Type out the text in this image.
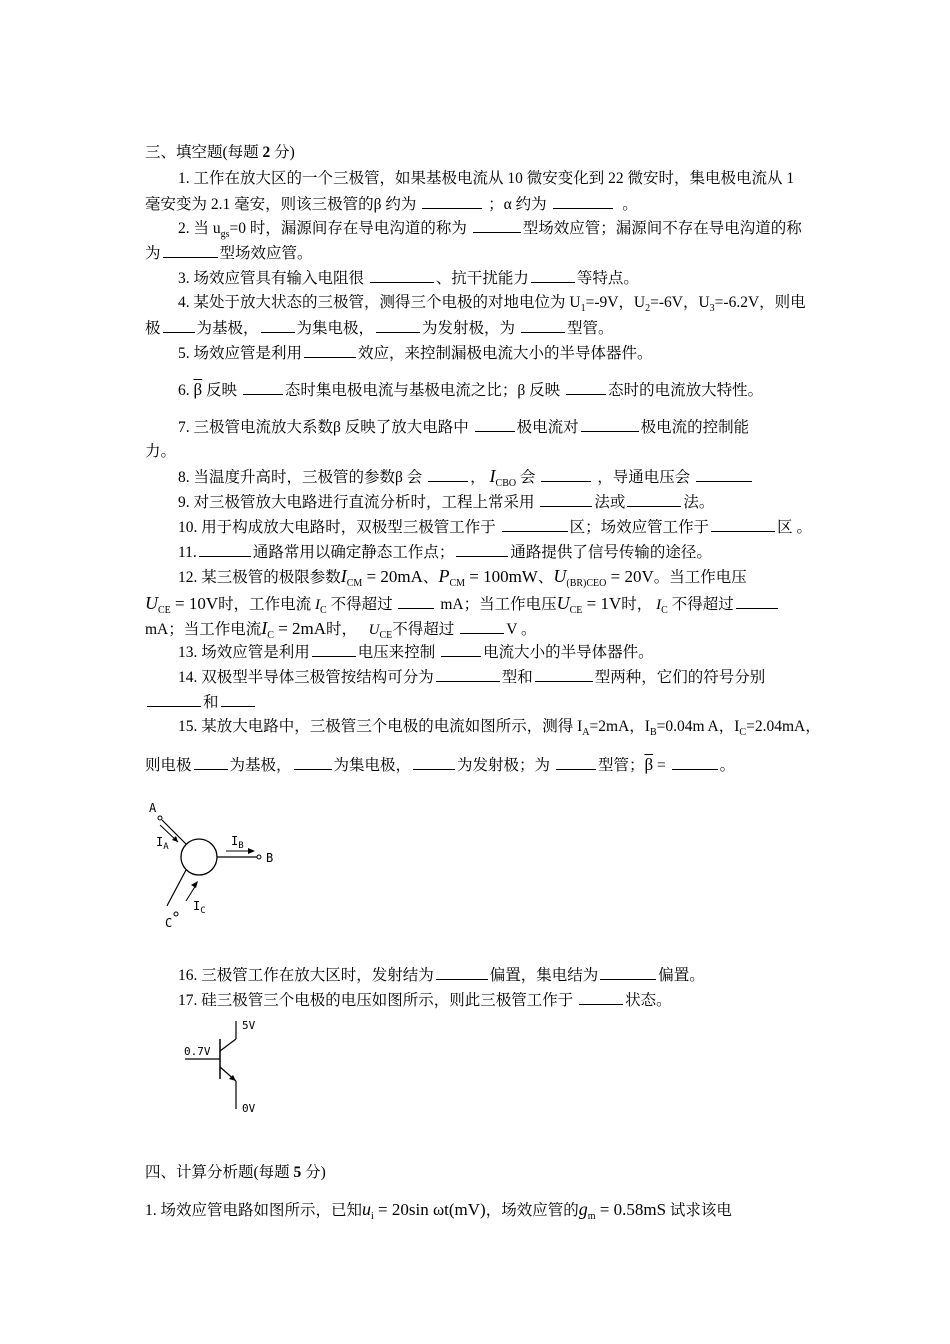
三、填空题(每题 2 分)
1. 工作在放大区的一个三极管，如果基极电流从 10 微安变化到 22 微安时，集电极电流从 1
毫安变为 2.1 毫安，则该三极管的β 约为	；α 约为	。
2. 当 $u_{gs}=0$ 时，漏源间存在导电沟道的称为	型场效应管；漏源间不存在导电沟道的称
为	型场效应管。
3. 场效应管具有输入电阻很	、抗干扰能力	等特点。
4. 某处于放大状态的三极管，测得三个电极的对地电位为 $U_1=-9V$，$U_2=-6V$，$U_3=-6.2V$，则电
极 为基极， 为集电极，	为发射极，为	型管。
5. 场效应管是利用	效应，来控制漏极电流大小的半导体器件。
6. $\overline{\beta}$ 反映	态时集电极电流与基极电流之比；β 反映	态时的电流放大特性。
7. 三极管电流放大系数β 反映了放大电路中	极电流对	极电流的控制能
力。
8. 当温度升高时，三极管的参数β 会	， $I_{CBO}$ 会	，导通电压会
9. 对三极管放大电路进行直流分析时，工程上常采用	法或	法。
10. 用于构成放大电路时，双极型三极管工作于	区；场效应管工作于	区 。
11.	通路常用以确定静态工作点；	通路提供了信号传输的途径。
12. 某三极管的极限参数$I_{CM} = 20mA$、$P_{CM} = 100mW$、$U_{(BR)CEO} = 20V$。当工作电压
$U_{CE} = 10V$时，工作电流 $I_C$ 不得超过	mA；当工作电压$U_{CE} = 1V$时， $I_C$ 不得超过
mA；当工作电流$I_C = 2mA$时， $U_{CE}$不得超过	V 。
13. 场效应管是利用	电压来控制	电流大小的半导体器件。
14. 双极型半导体三极管按结构可分为	型和	型两种，它们的符号分别
和
15. 某放大电路中，三极管三个电极的电流如图所示，测得 $I_A=2mA$，$I_B=0.04m$ A，$I_C=2.04mA$，
则电极 为基极，	为集电极，	为发射极；为	型管；$\overline{\beta}$ =	。
A
$I_A$	$I_B$
B
C
$I_C$
16. 三极管工作在放大区时，发射结为	偏置，集电结为	偏置。
17. 硅三极管三个电极的电压如图所示，则此三极管工作于	状态。
5V
0.7V
0V
四、计算分析题(每题 5 分)
1. 场效应管电路如图所示，已知$u_i = 20\sin$ ωt(mV)，场效应管的$g_m = 0.58mS$ 试求该电
